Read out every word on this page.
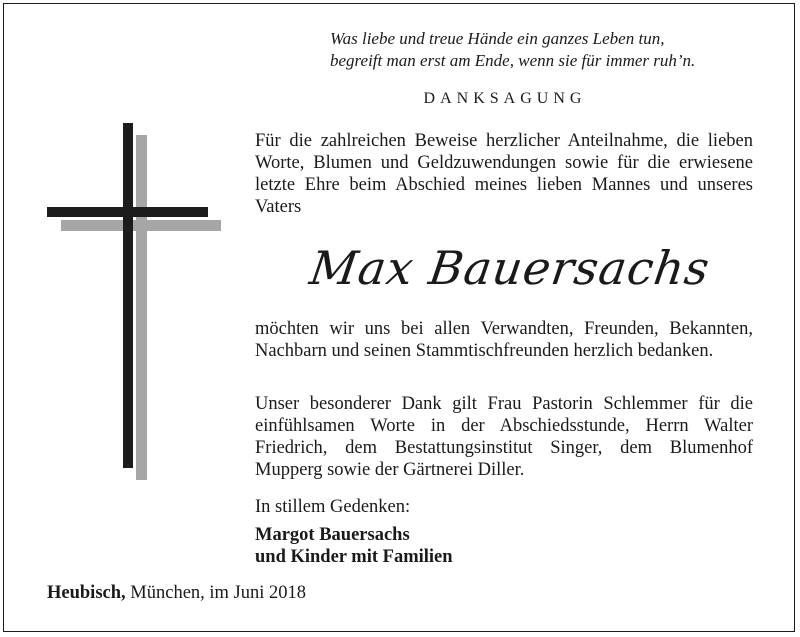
Was liebe und treue Hände ein ganzes Leben tun,
begreift man erst am Ende, wenn sie für immer ruh’n.
DANKSAGUNG
Für die zahlreichen Beweise herzlicher Anteilnahme, die lieben Worte, Blumen und Geldzuwendungen sowie für die erwiesene letzte Ehre beim Abschied meines lieben Mannes und unseres Vaters
Max Bauersachs
möchten wir uns bei allen Verwandten, Freunden, Bekannten, Nachbarn und seinen Stammtischfreunden herzlich bedanken.
Unser besonderer Dank gilt Frau Pastorin Schlemmer für die einfühlsamen Worte in der Abschiedsstunde, Herrn Walter Friedrich, dem Bestattungsinstitut Singer, dem Blumenhof Mupperg sowie der Gärtnerei Diller.
In stillem Gedenken:
Margot Bauersachs
und Kinder mit Familien
Heubisch, München, im Juni 2018
